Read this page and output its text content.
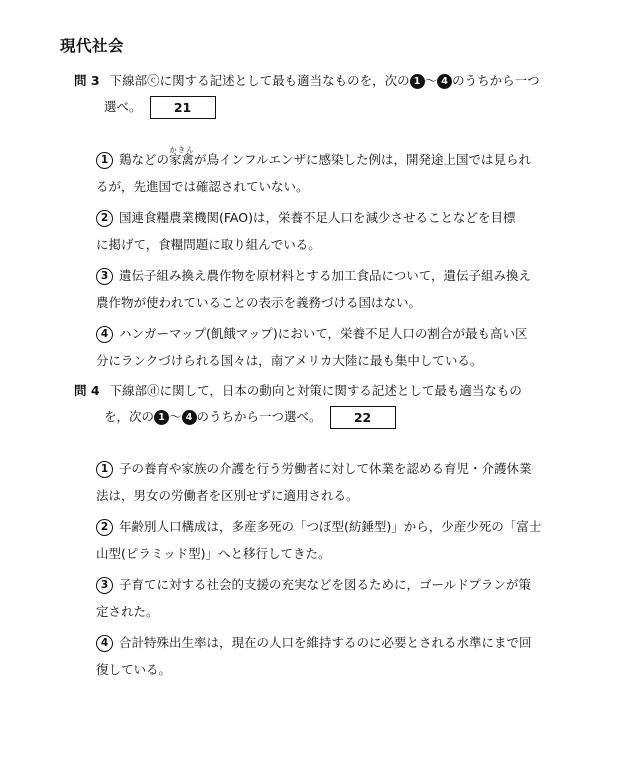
現代社会
問 3 下線部ⓒに関する記述として最も適当なものを，次の 1 ～ 4 のうちから一つ
選べ。	21
1 鶏などの家禽かきんが鳥インフルエンザに感染した例は，開発途上国では見られ
るが，先進国では確認されていない。
2 国連食糧農業機関(FAO)は，栄養不足人口を減少させることなどを目標
に掲げて，食糧問題に取り組んでいる。
3 遺伝子組み換え農作物を原材料とする加工食品について，遺伝子組み換え
農作物が使われていることの表示を義務づける国はない。
4 ハンガーマップ(飢餓マップ)において，栄養不足人口の割合が最も高い区
分にランクづけられる国々は，南アメリカ大陸に最も集中している。
問 4 下線部ⓓに関して，日本の動向と対策に関する記述として最も適当なもの
を，次の 1 ～ 4 のうちから一つ選べ。	22
1 子の養育や家族の介護を行う労働者に対して休業を認める育児・介護休業
法は，男女の労働者を区別せずに適用される。
2 年齢別人口構成は，多産多死の「つぼ型(紡錘型)」から，少産少死の「富士
山型(ピラミッド型)」へと移行してきた。
3 子育てに対する社会的支援の充実などを図るために，ゴールドプランが策
定された。
4 合計特殊出生率は，現在の人口を維持するのに必要とされる水準にまで回
復している。
